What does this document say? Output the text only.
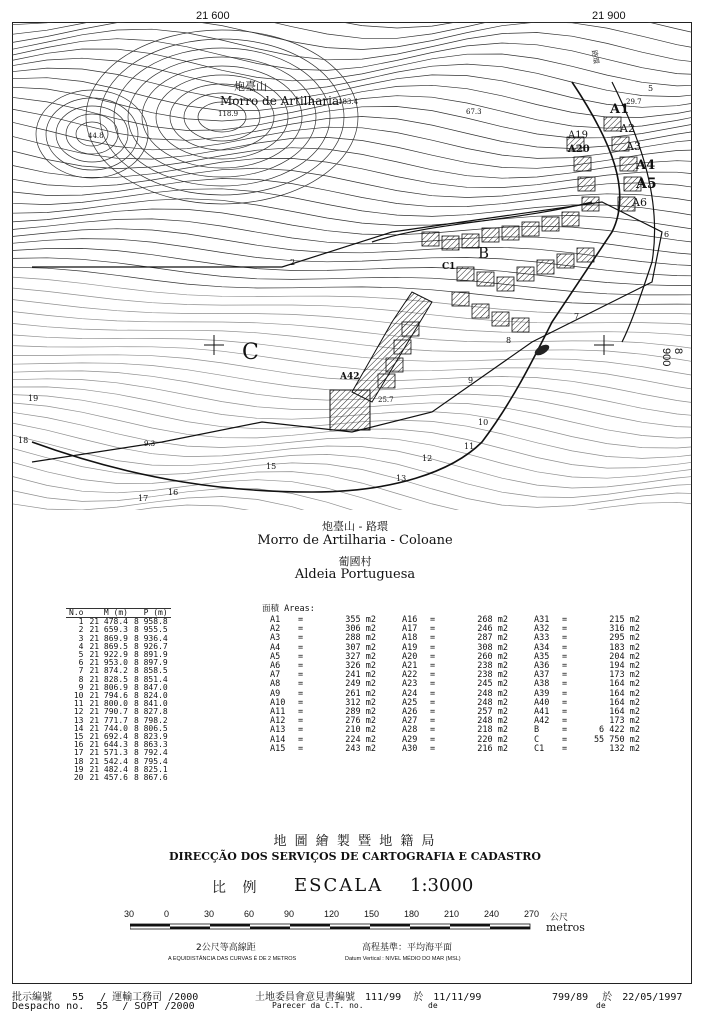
21 600	21 900
8 900
炮臺山
Morro de Artilharia
118.9
183.4
67.3
44.8
29.7
25.7
9.3
路環
B
C
A1
A2
A3
A4
A5
A6
A19
A20
A42
C1
2
5
6
7
8
9
10
11
12
13
15
16
17
18
19
炮臺山 - 路環
Morro de Artilharia - Coloane
葡國村
Aldeia Portuguesa
N.o	M (m)	P (m)
1	21 478.4	8 958.8
2	21 659.3	8 955.5
3	21 869.9	8 936.4
4	21 869.5	8 926.7
5	21 922.9	8 891.9
6	21 953.0	8 897.9
7	21 874.2	8 858.5
8	21 828.5	8 851.4
9	21 806.9	8 847.0
10	21 794.6	8 824.0
11	21 800.0	8 841.0
12	21 790.7	8 827.8
13	21 771.7	8 798.2
14	21 744.0	8 806.5
15	21 692.4	8 823.9
16	21 644.3	8 863.3
17	21 571.3	8 792.4
18	21 542.4	8 795.4
19	21 482.4	8 825.1
20	21 457.6	8 867.6
面積 Areas:
A1 =	355 m2
A2 =	306 m2
A3 =	288 m2
A4 =	307 m2
A5 =	327 m2
A6 =	326 m2
A7 =	241 m2
A8 =	249 m2
A9 =	261 m2
A10 =	312 m2
A11 =	289 m2
A12 =	276 m2
A13 =	210 m2
A14 =	224 m2
A15 =	243 m2
A16 =	268 m2
A17 =	246 m2
A18 =	287 m2
A19 =	308 m2
A20 =	260 m2
A21 =	238 m2
A22 =	238 m2
A23 =	245 m2
A24 =	248 m2
A25 =	248 m2
A26 =	257 m2
A27 =	248 m2
A28 =	218 m2
A29 =	220 m2
A30 =	216 m2
A31 =	215 m2
A32 =	316 m2
A33 =	295 m2
A34 =	183 m2
A35 =	204 m2
A36 =	194 m2
A37 =	173 m2
A38 =	164 m2
A39 =	164 m2
A40 =	164 m2
A41 =	164 m2
A42 =	173 m2
B	=	6 422 m2
C	=	55 750 m2
C1 =	132 m2
地 圖 繪 製 暨 地 籍 局
DIRECÇÃO DOS SERVIÇOS DE CARTOGRAFIA E CADASTRO
比 例 ESCALA 1:3000
30	0	30	60	90	120	150	180	210	240	270 公尺
metros
2公尺等高線距
A EQUIDISTÂNCIA DAS CURVAS É DE 2 METROS
高程基準：平均海平面
Datum Vertical : NIVEL MÉDIO DO MAR (MSL)
批示編號 55 / 運輸工務司 /2000
Despacho no. 55 / SOPT /2000
土地委員會意見書編號 111/99 於 11/11/99
Parecer da C.T. no.	de
799/89 於 22/05/1997
de
